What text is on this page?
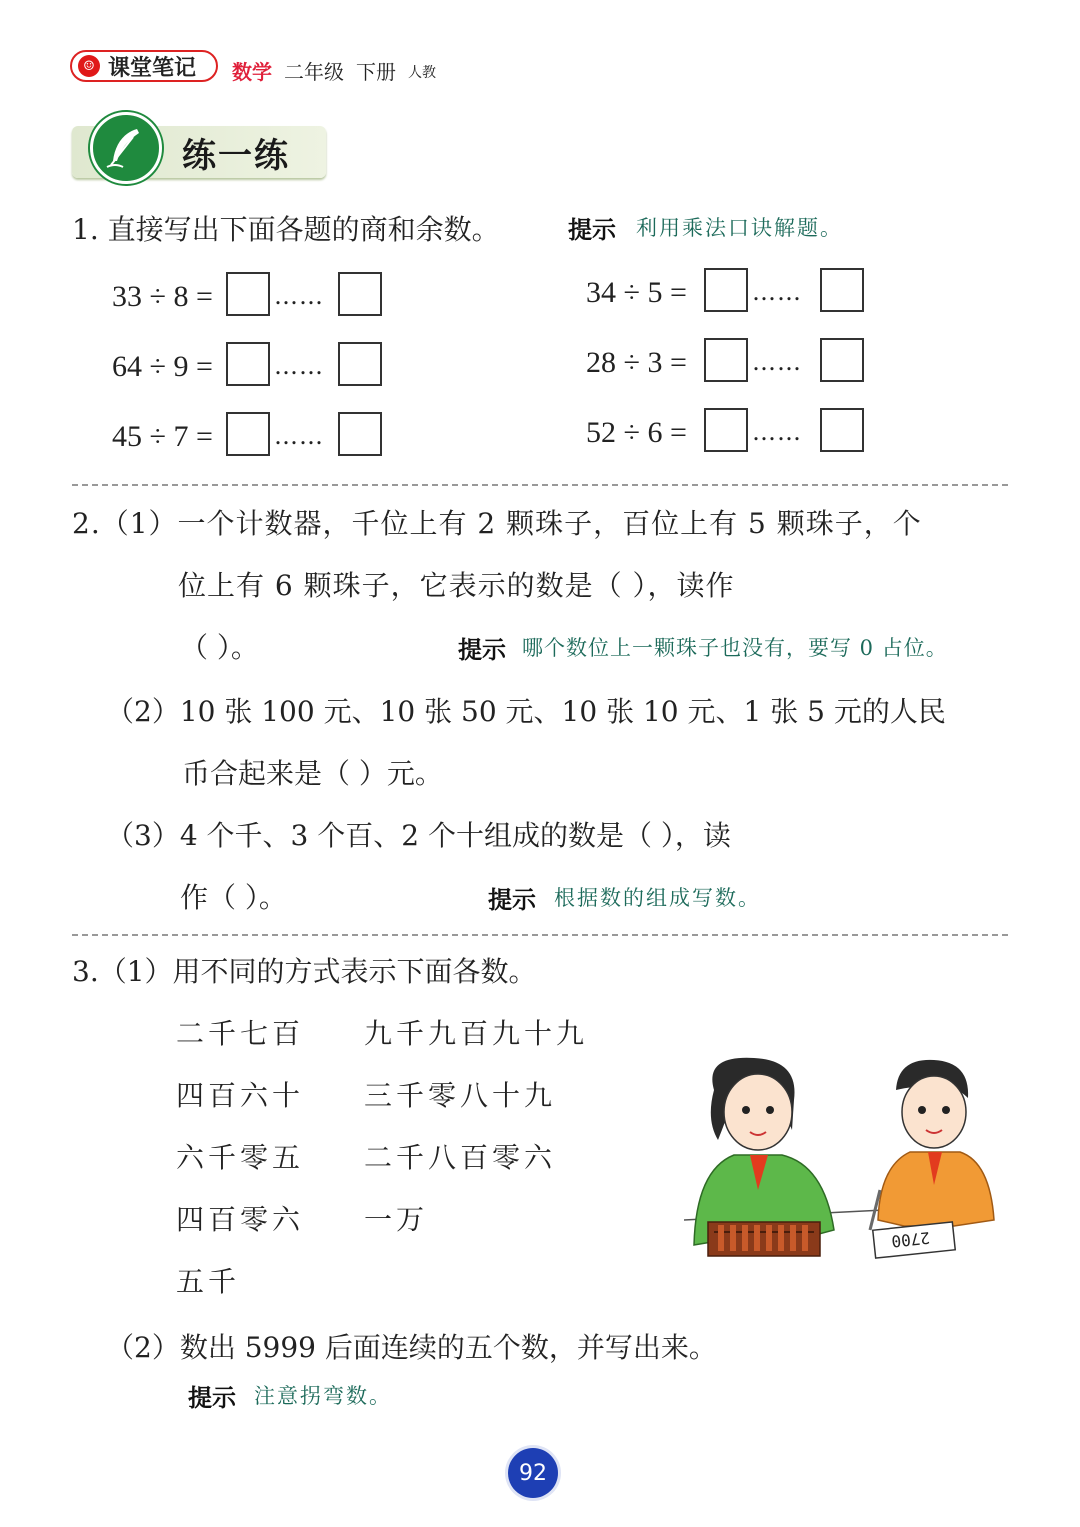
☺ 课堂笔记 数学 二年级 下册 人教
练一练
1. 直接写出下面各题的商和余数。	提示 利用乘法口诀解题。
33 ÷ 8 =	……
64 ÷ 9 =	……
45 ÷ 7 =	……
34 ÷ 5 =	……
28 ÷ 3 =	……
52 ÷ 6 =	……
2.（1）一个计数器，千位上有 2 颗珠子，百位上有 5 颗珠子，个
位上有 6 颗珠子，它表示的数是（ ），读作
（ ）。	提示 哪个数位上一颗珠子也没有，要写 0 占位。
（2）10 张 100 元、10 张 50 元、10 张 10 元、1 张 5 元的人民
币合起来是（ ）元。
（3）4 个千、3 个百、2 个十组成的数是（ ），读
作（ ）。	提示 根据数的组成写数。
3.（1）用不同的方式表示下面各数。
二千七百
四百六十
六千零五
四百零六
五千
九千九百九十九
三千零八十九
二千八百零六
一万
2700
（2）数出 5999 后面连续的五个数，并写出来。
提示 注意拐弯数。
92
